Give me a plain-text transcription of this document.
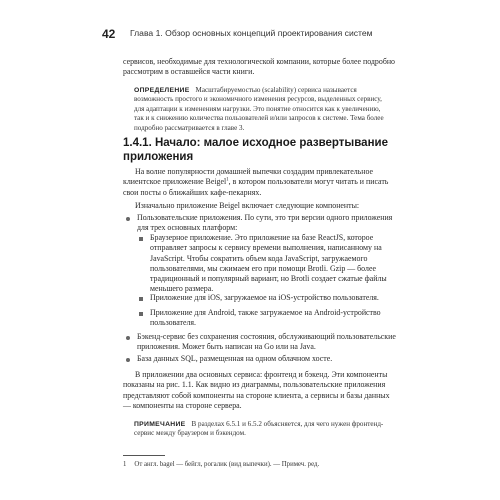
42 Глава 1. Обзор основных концепций проектирования систем

сервисов, необходимые для технологической компании, которые более подробно рассмотрим в оставшейся части книги.

ОПРЕДЕЛЕНИЕ Масштабируемостью (scalability) сервиса называется возможность простого и экономичного изменения ресурсов, выделенных сервису, для адаптации к изменениям нагрузки. Это понятие относится как к увеличению, так и к снижению количества пользователей и/или запросов к системе. Тема более подробно рассматривается в главе 3.
1.4.1. Начало: малое исходное развертывание приложения

На волне популярности домашней выпечки создадим привлекательное клиентское приложение Beigel$^1$, в котором пользователи могут читать и писать свои посты о ближайших кафе-пекарнях.

Изначально приложение Beigel включает следующие компоненты:

Пользовательские приложения. По сути, это три версии одного приложения для трех основных платформ:
Браузерное приложение. Это приложение на базе ReactJS, которое отправляет запросы к сервису времени выполнения, написанному на JavaScript. Чтобы сократить объем кода JavaScript, загружаемого пользователями, мы сжимаем его при помощи Brotli. Gzip — более традиционный и популярный вариант, но Brotli создает сжатые файлы меньшего размера.
Приложение для iOS, загружаемое на iOS-устройство пользователя.
Приложение для Android, также загружаемое на Android-устройство пользователя.
Бэкенд-сервис без сохранения состояния, обслуживающий пользовательские приложения. Может быть написан на Go или на Java.
База данных SQL, размещенная на одном облачном хосте.

В приложении два основных сервиса: фронтенд и бэкенд. Эти компоненты показаны на рис. 1.1. Как видно из диаграммы, пользовательские приложения представляют собой компоненты на стороне клиента, а сервисы и базы данных — компоненты на стороне сервера.

ПРИМЕЧАНИЕ В разделах 6.5.1 и 6.5.2 объясняется, для чего нужен фронтенд-сервис между браузером и бэкендом.
1 От англ. bagel — бейгл, рогалик (вид выпечки). — Примеч. ред.
